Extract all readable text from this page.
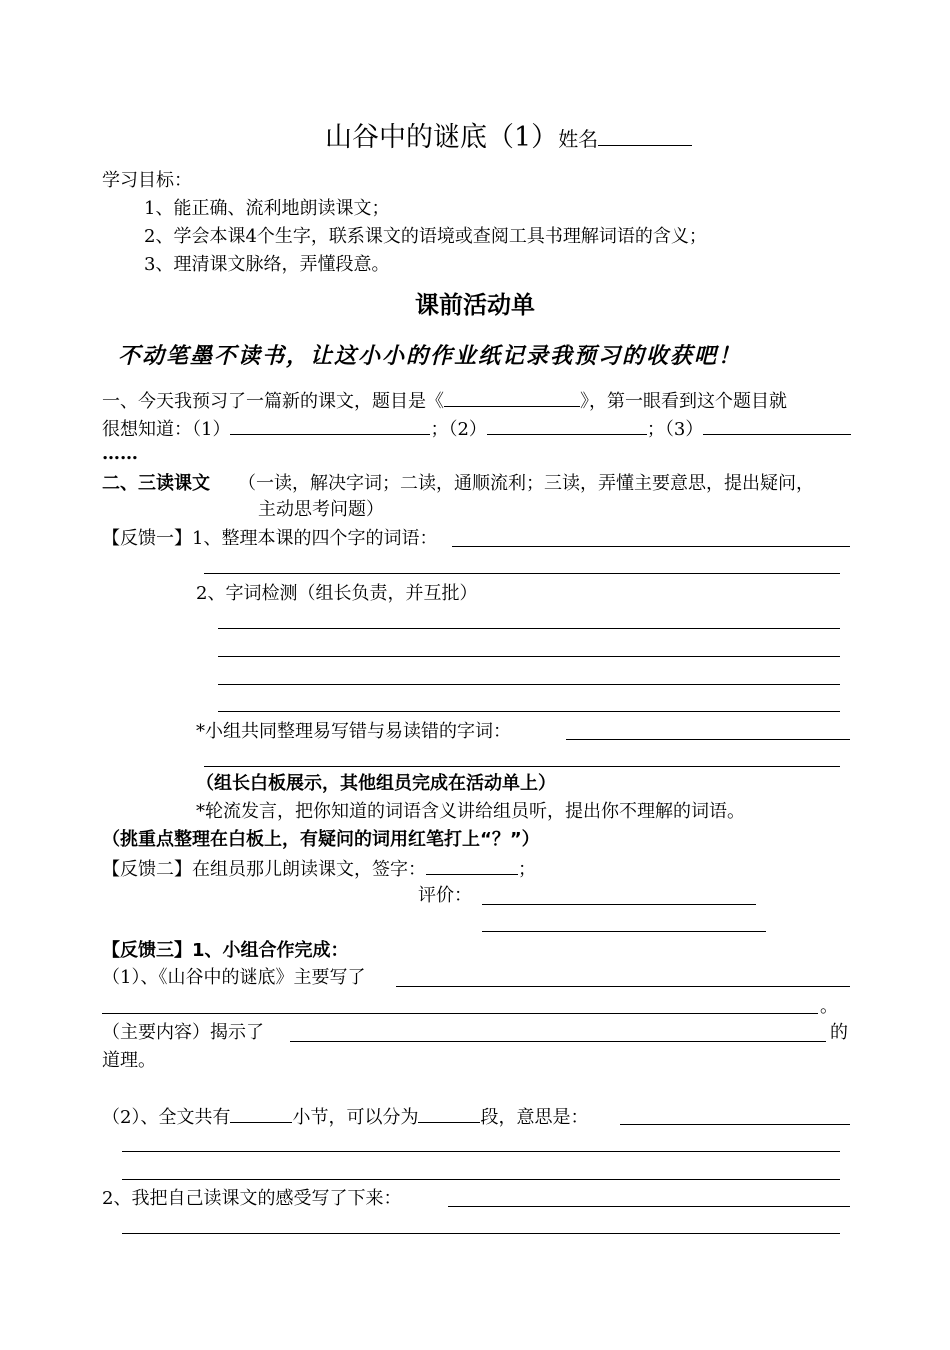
山谷中的谜底（1）姓名
学习目标：
1、能正确、流利地朗读课文；
2、学会本课4个生字，联系课文的语境或查阅工具书理解词语的含义；
3、理清课文脉络，弄懂段意。
课前活动单
不动笔墨不读书，让这小小的作业纸记录我预习的收获吧！
一、今天我预习了一篇新的课文，题目是《	》，第一眼看到这个题目就
很想知道：（1）	；（2）	；（3）
……
二、三读课文 （一读，解决字词；二读，通顺流利；三读，弄懂主要意思，提出疑问，
主动思考问题）
【反馈一】1、整理本课的四个字的词语：
2、字词检测（组长负责，并互批）
*小组共同整理易写错与易读错的字词：
（组长白板展示，其他组员完成在活动单上）
*轮流发言，把你知道的词语含义讲给组员听，提出你不理解的词语。
（挑重点整理在白板上，有疑问的词用红笔打上“？”）
【反馈二】在组员那儿朗读课文，签字：	；
评价：
【反馈三】1、小组合作完成：
（1）、《山谷中的谜底》主要写了
。
（主要内容）揭示了	的
道理。
（2）、全文共有	小节，可以分为	段，意思是：
2、我把自己读课文的感受写了下来：
